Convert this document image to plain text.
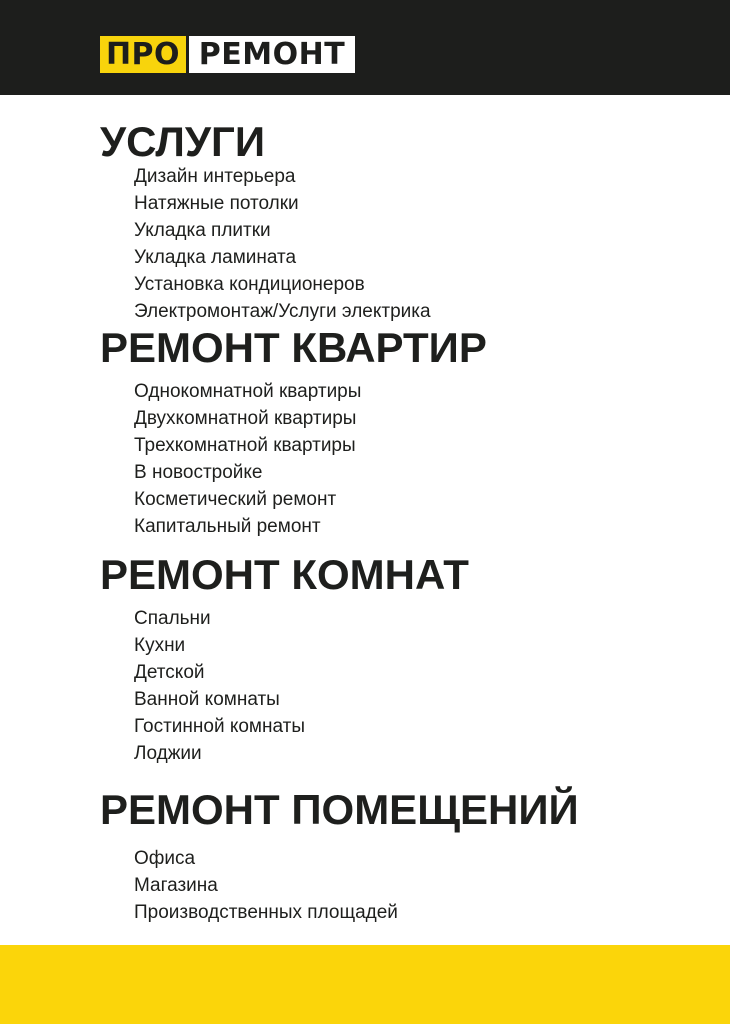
ПРО РЕМОНТ
УСЛУГИ
Дизайн интерьера
Натяжные потолки
Укладка плитки
Укладка ламината
Установка кондиционеров
Электромонтаж/Услуги электрика
РЕМОНТ КВАРТИР
Однокомнатной квартиры
Двухкомнатной квартиры
Трехкомнатной квартиры
В новостройке
Косметический ремонт
Капитальный ремонт
РЕМОНТ КОМНАТ
Спальни
Кухни
Детской
Ванной комнаты
Гостинной комнаты
Лоджии
РЕМОНТ ПОМЕЩЕНИЙ
Офиса
Магазина
Производственных площадей
